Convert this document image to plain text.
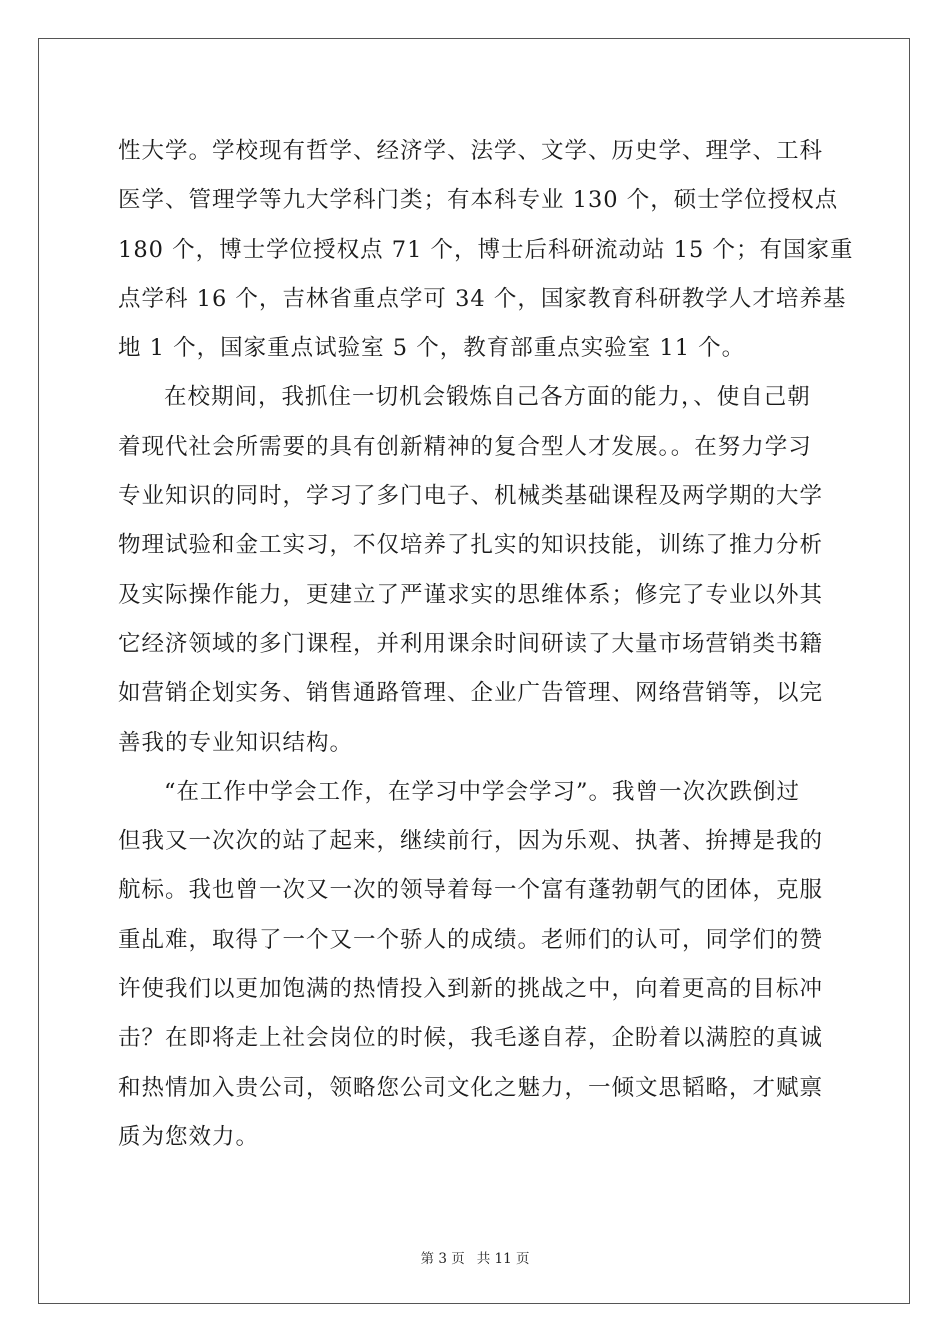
性大学。学校现有哲学、经济学、法学、文学、历史学、理学、工科
医学、管理学等九大学科门类；有本科专业 130 个，硕士学位授权点
180 个，博士学位授权点 71 个，博士后科研流动站 15 个；有国家重
点学科 16 个，吉林省重点学可 34 个，国家教育科研教学人才培养基
地 1 个，国家重点试验室 5 个，教育部重点实验室 11 个。
在校期间，我抓住一切机会锻炼自己各方面的能力，、使自己朝
着现代社会所需要的具有创新精神的复合型人才发展。。在努力学习
专业知识的同时，学习了多门电子、机械类基础课程及两学期的大学
物理试验和金工实习，不仅培养了扎实的知识技能，训练了推力分析
及实际操作能力，更建立了严谨求实的思维体系；修完了专业以外其
它经济领域的多门课程，并利用课余时间研读了大量市场营销类书籍
如营销企划实务、销售通路管理、企业广告管理、网络营销等，以完
善我的专业知识结构。
“在工作中学会工作，在学习中学会学习”。我曾一次次跌倒过
但我又一次次的站了起来，继续前行，因为乐观、执著、拚搏是我的
航标。我也曾一次又一次的领导着每一个富有蓬勃朝气的团体，克服
重乩难，取得了一个又一个骄人的成绩。老师们的认可，同学们的赞
许使我们以更加饱满的热情投入到新的挑战之中，向着更高的目标冲
击？在即将走上社会岗位的时候，我毛遂自荐，企盼着以满腔的真诚
和热情加入贵公司，领略您公司文化之魅力，一倾文思韬略，才赋禀
质为您效力。
第 3 页 共 11 页
